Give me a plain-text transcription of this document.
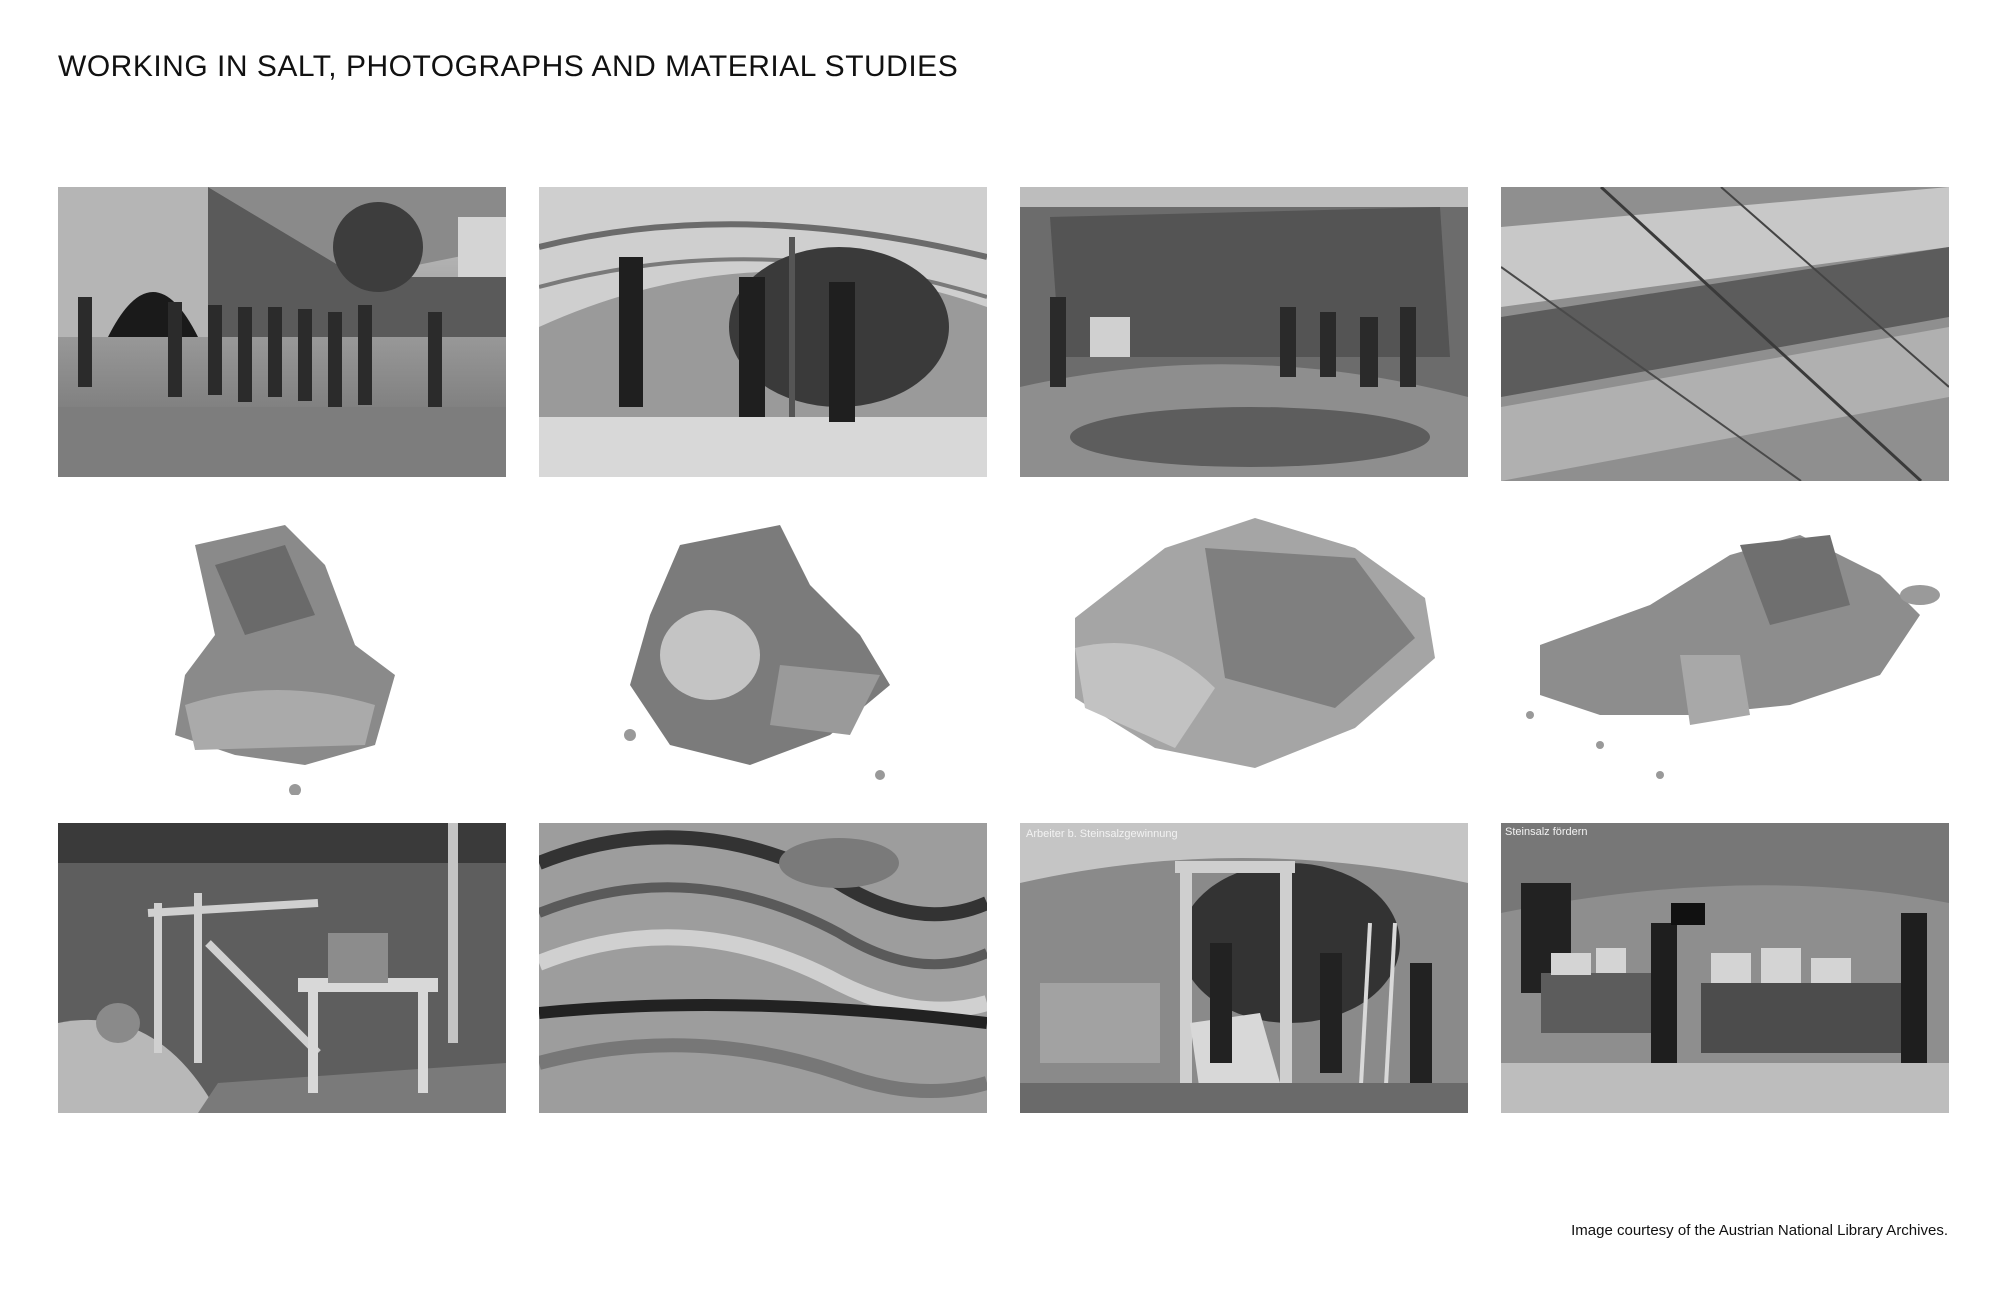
WORKING IN SALT, PHOTOGRAPHS AND MATERIAL STUDIES
Arbeiter b. Steinsalzgewinnung	Steinsalz fördern
Image courtesy of the Austrian National Library Archives.
